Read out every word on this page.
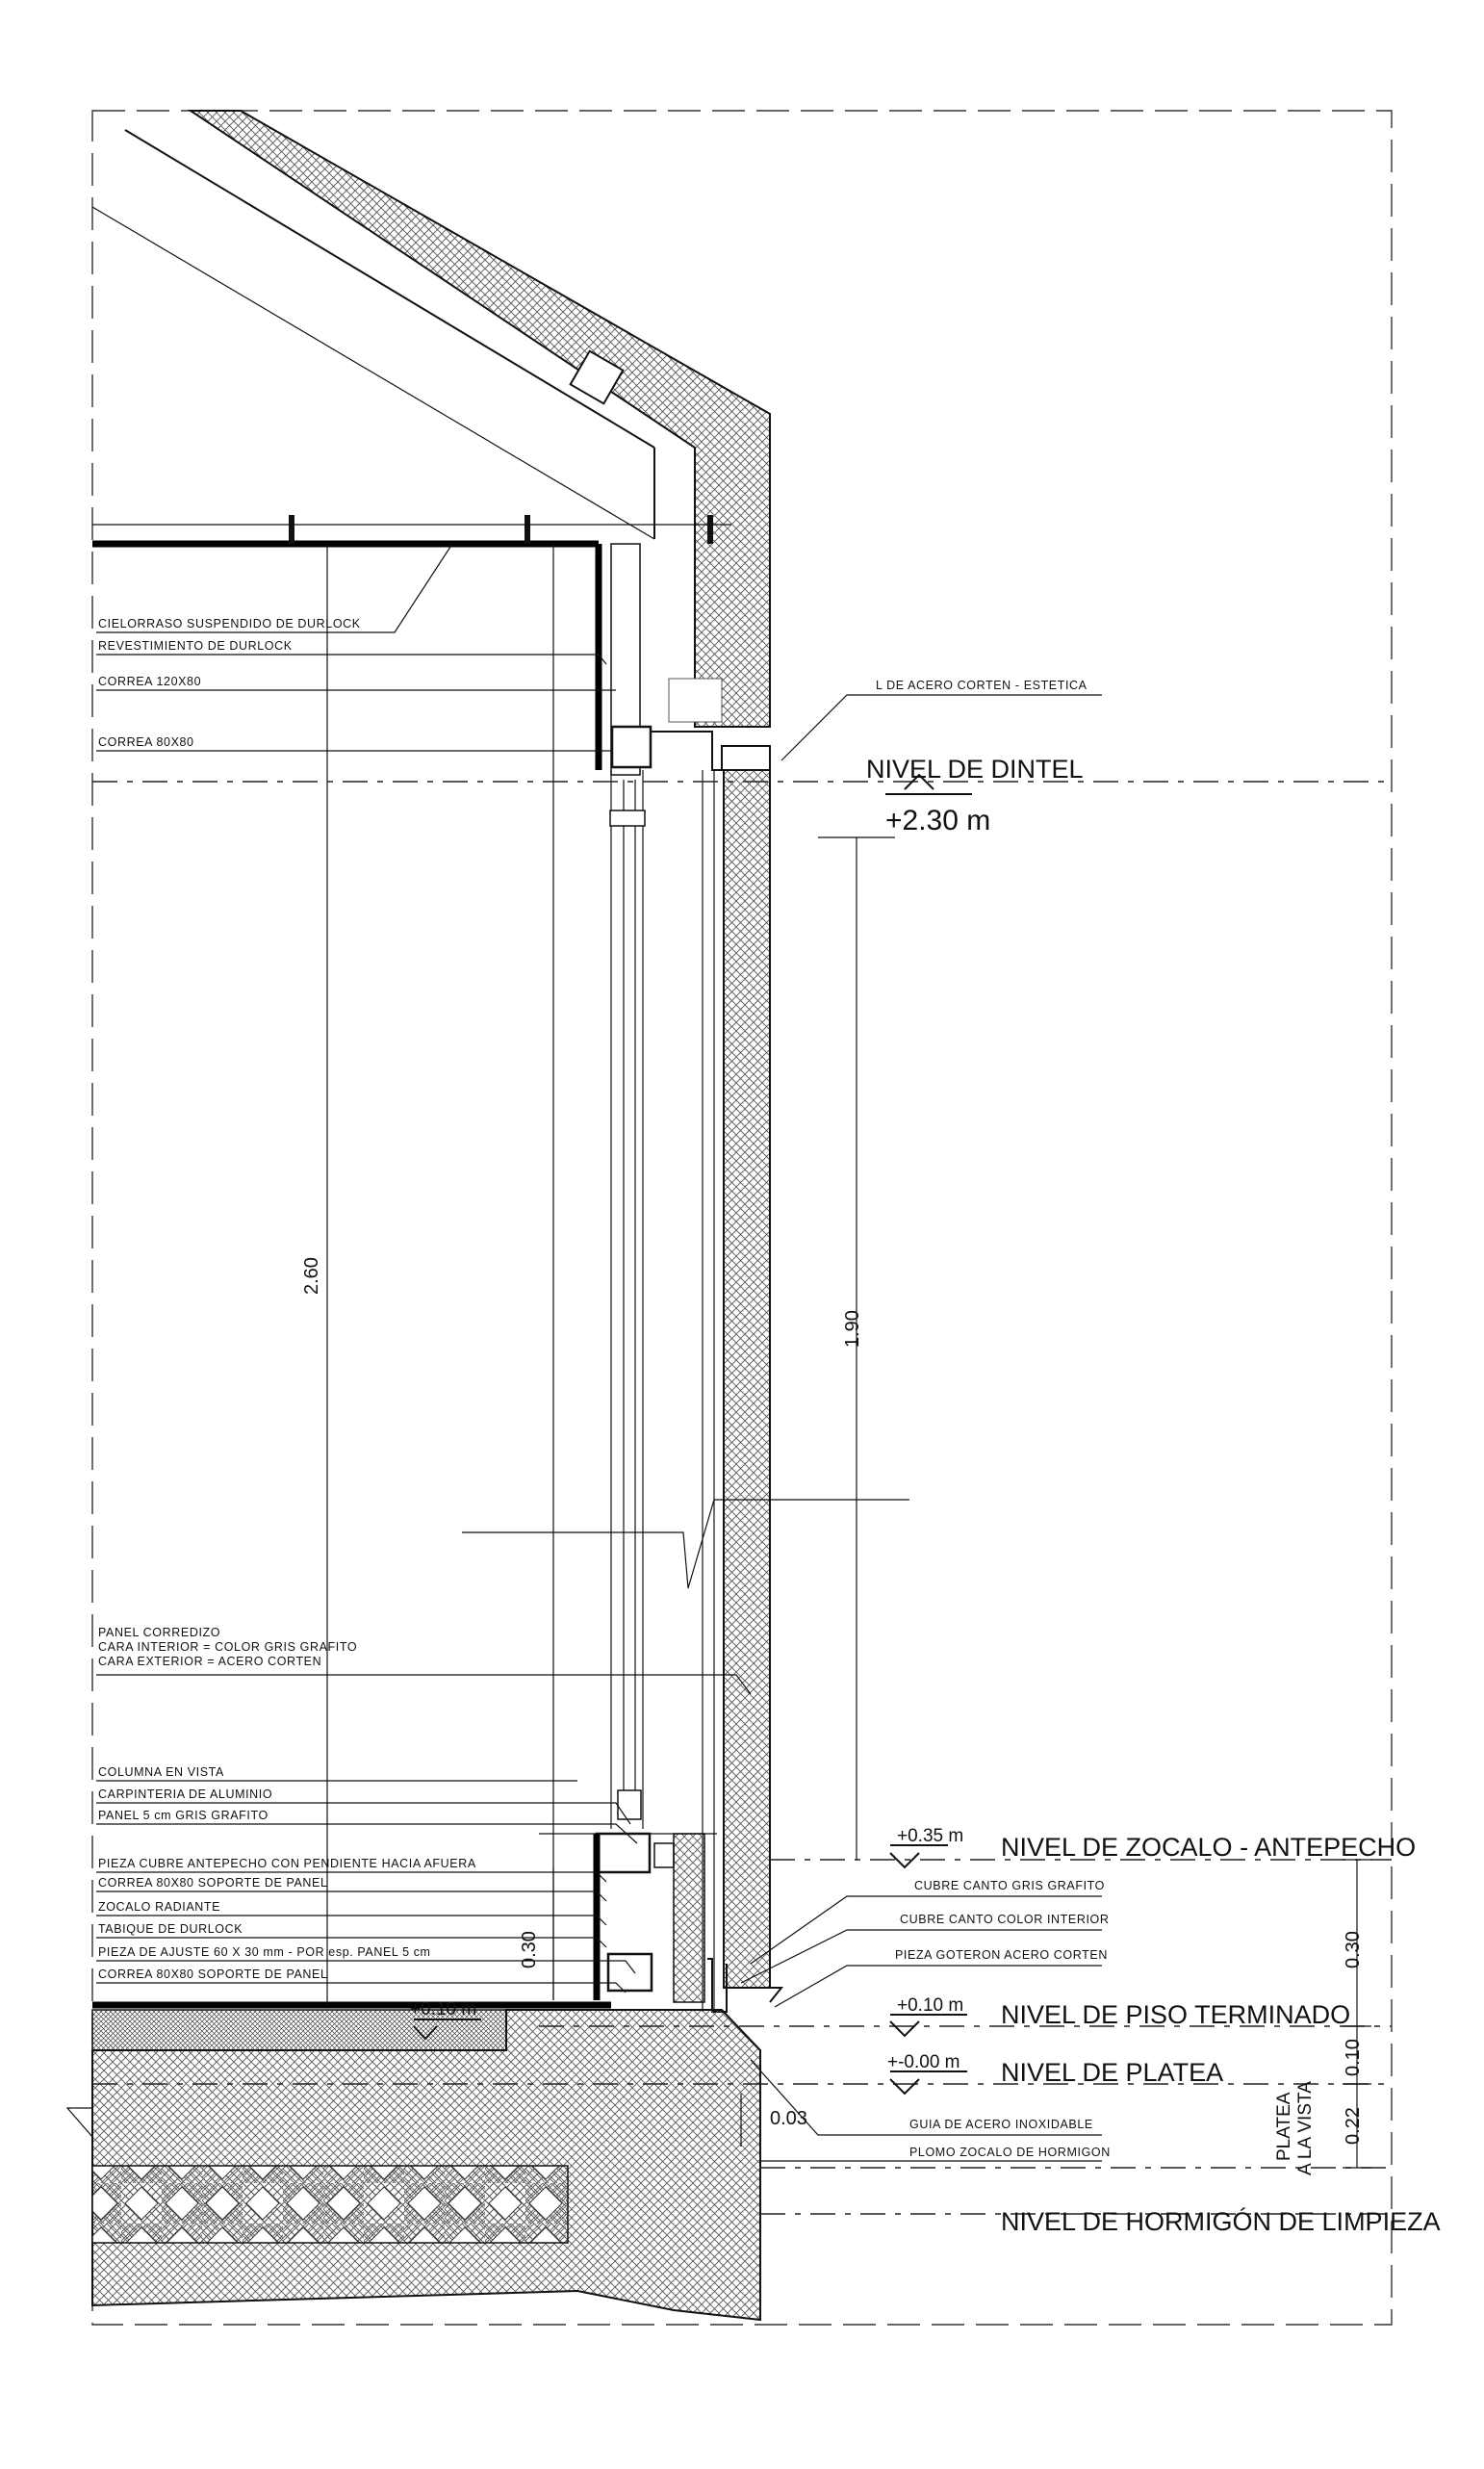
CIELORRASO SUSPENDIDO DE DURLOCK
REVESTIMIENTO DE DURLOCK
CORREA 120X80
CORREA 80X80
PANEL CORREDIZO
CARA INTERIOR = COLOR GRIS GRAFITO
CARA EXTERIOR = ACERO CORTEN
COLUMNA EN VISTA
CARPINTERIA DE ALUMINIO
PANEL 5 cm GRIS GRAFITO
PIEZA CUBRE ANTEPECHO CON PENDIENTE HACIA AFUERA
CORREA 80X80 SOPORTE DE PANEL
ZOCALO RADIANTE
TABIQUE DE DURLOCK
PIEZA DE AJUSTE 60 X 30 mm - POR esp. PANEL 5 cm
CORREA 80X80 SOPORTE DE PANEL
L DE ACERO CORTEN - ESTETICA
CUBRE CANTO GRIS GRAFITO
CUBRE CANTO COLOR INTERIOR
PIEZA GOTERON ACERO CORTEN
GUIA DE ACERO INOXIDABLE
PLOMO ZOCALO DE HORMIGON
NIVEL DE DINTEL
+2.30 m
NIVEL DE ZOCALO - ANTEPECHO
+0.35 m
NIVEL DE PISO TERMINADO
+0.10 m
NIVEL DE PLATEA
+-0.00 m
NIVEL DE HORMIGÓN DE LIMPIEZA
+0.10 m
2.60
1.90
0.30	0.30
0.10
0.22
0.03	PLATEA A LA VISTA
